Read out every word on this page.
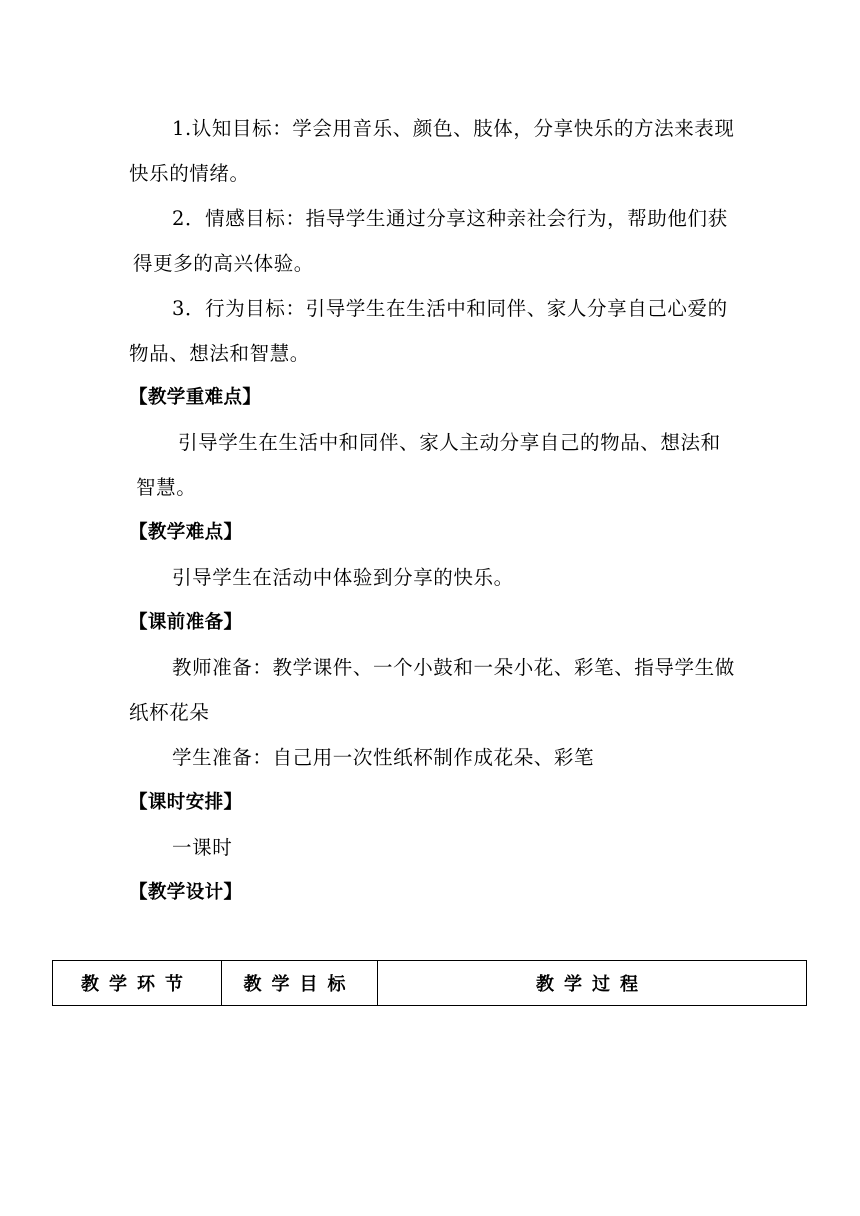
1.认知目标：学会用音乐、颜色、肢体，分享快乐的方法来表现
快乐的情绪。
2．情感目标：指导学生通过分享这种亲社会行为，帮助他们获
得更多的高兴体验。
3．行为目标：引导学生在生活中和同伴、家人分享自己心爱的
物品、想法和智慧。
【教学重难点】
引导学生在生活中和同伴、家人主动分享自己的物品、想法和
智慧。
【教学难点】
引导学生在活动中体验到分享的快乐。
【课前准备】
教师准备：教学课件、一个小鼓和一朵小花、彩笔、指导学生做
纸杯花朵
学生准备：自己用一次性纸杯制作成花朵、彩笔
【课时安排】
一课时
【教学设计】
教学环节	教学目标	教学过程
